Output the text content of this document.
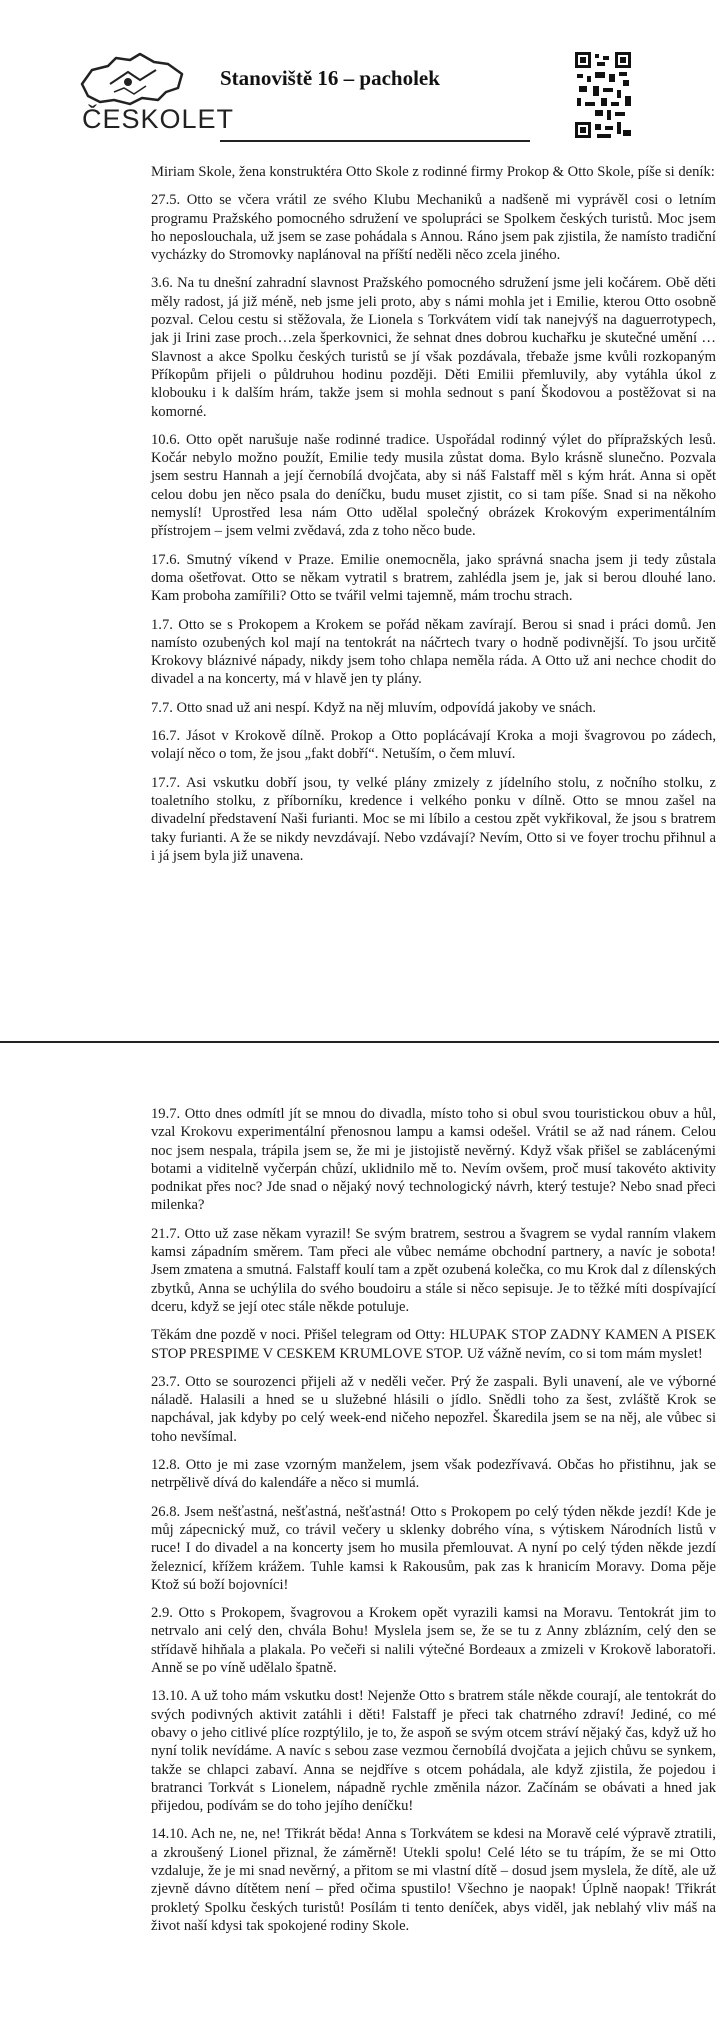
ČESKOLET
Stanoviště 16 – pacholek

Miriam Skole, žena konstruktéra Otto Skole z rodinné firmy Prokop & Otto Skole, píše si deník:

27.5. Otto se včera vrátil ze svého Klubu Mechaniků a nadšeně mi vyprávěl cosi o letním programu Pražského pomocného sdružení ve spolupráci se Spolkem českých turistů. Moc jsem ho neposlouchala, už jsem se zase pohádala s Annou. Ráno jsem pak zjistila, že namísto tradiční vycházky do Stromovky naplánoval na příští neděli něco zcela jiného.

3.6. Na tu dnešní zahradní slavnost Pražského pomocného sdružení jsme jeli kočárem. Obě děti měly radost, já již méně, neb jsme jeli proto, aby s námi mohla jet i Emilie, kterou Otto osobně pozval. Celou cestu si stěžovala, že Lionela s Torkvátem vidí tak nanejvýš na daguerrotypech, jak ji Irini zase proch…zela šperkovnici, že sehnat dnes dobrou kuchařku je skutečné umění … Slavnost a akce Spolku českých turistů se jí však pozdávala, třebaže jsme kvůli rozkopaným Příkopům přijeli o půldruhou hodinu později. Děti Emilii přemluvily, aby vytáhla úkol z klobouku i k dalším hrám, takže jsem si mohla sednout s paní Škodovou a postěžovat si na komorné.

10.6. Otto opět narušuje naše rodinné tradice. Uspořádal rodinný výlet do přípražských lesů. Kočár nebylo možno použít, Emilie tedy musila zůstat doma. Bylo krásně slunečno. Pozvala jsem sestru Hannah a její černobílá dvojčata, aby si náš Falstaff měl s kým hrát. Anna si opět celou dobu jen něco psala do deníčku, budu muset zjistit, co si tam píše. Snad si na někoho nemyslí! Uprostřed lesa nám Otto udělal společný obrázek Krokovým experimentálním přístrojem – jsem velmi zvědavá, zda z toho něco bude.

17.6. Smutný víkend v Praze. Emilie onemocněla, jako správná snacha jsem ji tedy zůstala doma ošetřovat. Otto se někam vytratil s bratrem, zahlédla jsem je, jak si berou dlouhé lano. Kam proboha zamířili? Otto se tvářil velmi tajemně, mám trochu strach.

1.7. Otto se s Prokopem a Krokem se pořád někam zavírají. Berou si snad i práci domů. Jen namísto ozubených kol mají na tentokrát na náčrtech tvary o hodně podivnější. To jsou určitě Krokovy bláznivé nápady, nikdy jsem toho chlapa neměla ráda. A Otto už ani nechce chodit do divadel a na koncerty, má v hlavě jen ty plány.

7.7. Otto snad už ani nespí. Když na něj mluvím, odpovídá jakoby ve snách.

16.7. Jásot v Krokově dílně. Prokop a Otto poplácávají Kroka a moji švagrovou po zádech, volají něco o tom, že jsou „fakt dobří“. Netuším, o čem mluví.

17.7. Asi vskutku dobří jsou, ty velké plány zmizely z jídelního stolu, z nočního stolku, z toaletního stolku, z příborníku, kredence i velkého ponku v dílně. Otto se mnou zašel na divadelní představení Naši furianti. Moc se mi líbilo a cestou zpět vykřikoval, že jsou s bratrem taky furianti. A že se nikdy nevzdávají. Nebo vzdávají? Nevím, Otto si ve foyer trochu přihnul a i já jsem byla již unavena.

19.7. Otto dnes odmítl jít se mnou do divadla, místo toho si obul svou touristickou obuv a hůl, vzal Krokovu experimentální přenosnou lampu a kamsi odešel. Vrátil se až nad ránem. Celou noc jsem nespala, trápila jsem se, že mi je jistojistě nevěrný. Když však přišel se zablácenými botami a viditelně vyčerpán chůzí, uklidnilo mě to. Nevím ovšem, proč musí takovéto aktivity podnikat přes noc? Jde snad o nějaký nový technologický návrh, který testuje? Nebo snad přeci milenka?

21.7. Otto už zase někam vyrazil! Se svým bratrem, sestrou a švagrem se vydal ranním vlakem kamsi západním směrem. Tam přeci ale vůbec nemáme obchodní partnery, a navíc je sobota! Jsem zmatena a smutná. Falstaff koulí tam a zpět ozubená kolečka, co mu Krok dal z dílenských zbytků, Anna se uchýlila do svého boudoiru a stále si něco sepisuje. Je to těžké míti dospívající dceru, když se její otec stále někde potuluje.

Těkám dne pozdě v noci. Přišel telegram od Otty: HLUPAK STOP ZADNY KAMEN A PISEK STOP PRESPIME V CESKEM KRUMLOVE STOP. Už vážně nevím, co si tom mám myslet!

23.7. Otto se sourozenci přijeli až v neděli večer. Prý že zaspali. Byli unavení, ale ve výborné náladě. Halasili a hned se u služebné hlásili o jídlo. Snědli toho za šest, zvláště Krok se napchával, jak kdyby po celý week-end ničeho nepozřel. Škaredila jsem se na něj, ale vůbec si toho nevšímal.

12.8. Otto je mi zase vzorným manželem, jsem však podezřívavá. Občas ho přistihnu, jak se netrpělivě dívá do kalendáře a něco si mumlá.

26.8. Jsem nešťastná, nešťastná, nešťastná! Otto s Prokopem po celý týden někde jezdí! Kde je můj zápecnický muž, co trávil večery u sklenky dobrého vína, s výtiskem Národních listů v ruce! I do divadel a na koncerty jsem ho musila přemlouvat. A nyní po celý týden někde jezdí železnicí, křížem krážem. Tuhle kamsi k Rakousům, pak zas k hranicím Moravy. Doma pěje Ktož sú boží bojovníci!

2.9. Otto s Prokopem, švagrovou a Krokem opět vyrazili kamsi na Moravu. Tentokrát jim to netrvalo ani celý den, chvála Bohu! Myslela jsem se, že se tu z Anny zblázním, celý den se střídavě hihňala a plakala. Po večeři si nalili výtečné Bordeaux a zmizeli v Krokově laboratoři. Anně se po víně udělalo špatně.

13.10. A už toho mám vskutku dost! Nejenže Otto s bratrem stále někde courají, ale tentokrát do svých podivných aktivit zatáhli i děti! Falstaff je přeci tak chatrného zdraví! Jediné, co mé obavy o jeho citlivé plíce rozptýlilo, je to, že aspoň se svým otcem stráví nějaký čas, když už ho nyní tolik nevídáme. A navíc s sebou zase vezmou černobílá dvojčata a jejich chůvu se synkem, takže se chlapci zabaví. Anna se nejdříve s otcem pohádala, ale když zjistila, že pojedou i bratranci Torkvát s Lionelem, nápadně rychle změnila názor. Začínám se obávati a hned jak přijedou, podívám se do toho jejího deníčku!

14.10. Ach ne, ne, ne! Třikrát běda! Anna s Torkvátem se kdesi na Moravě celé výpravě ztratili, a zkroušený Lionel přiznal, že záměrně! Utekli spolu! Celé léto se tu trápím, že se mi Otto vzdaluje, že je mi snad nevěrný, a přitom se mi vlastní dítě – dosud jsem myslela, že dítě, ale už zjevně dávno dítětem není – před očima spustilo! Všechno je naopak! Úplně naopak! Třikrát prokletý Spolku českých turistů! Posílám ti tento deníček, abys viděl, jak neblahý vliv máš na život naší kdysi tak spokojené rodiny Skole.
